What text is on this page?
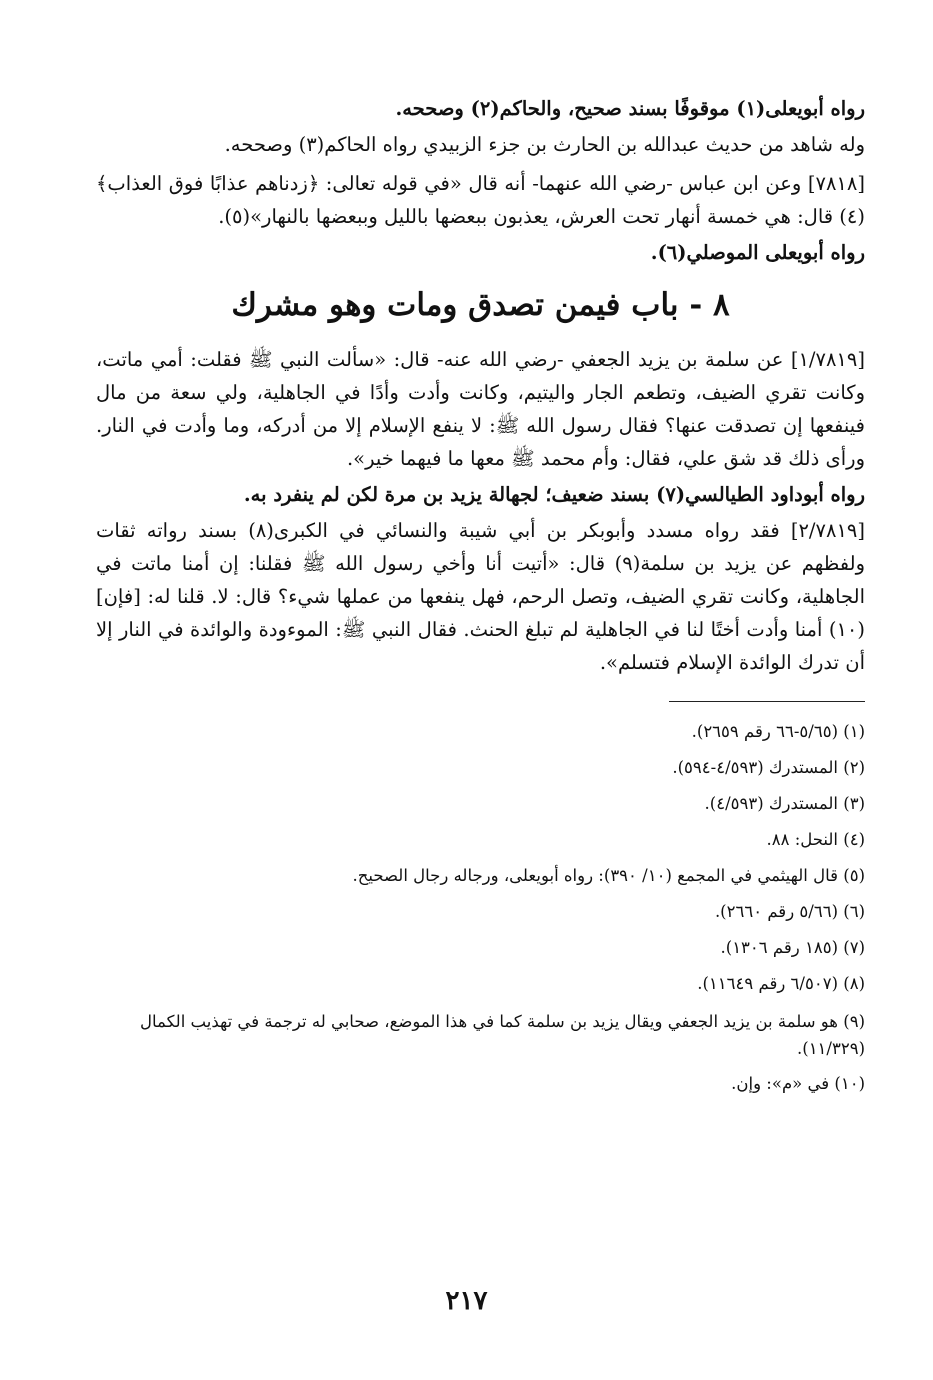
رواه أبويعلى(١) موقوفًا بسند صحيح، والحاكم(٢) وصححه.

وله شاهد من حديث عبدالله بن الحارث بن جزء الزبيدي رواه الحاكم(٣) وصححه.

[٧٨١٨] وعن ابن عباس -رضي الله عنهما- أنه قال «في قوله تعالى: ﴿زدناهم عذابًا فوق العذاب﴾(٤) قال: هي خمسة أنهار تحت العرش، يعذبون ببعضها بالليل وببعضها بالنهار»(٥).

رواه أبويعلى الموصلي(٦).

٨ - باب فيمن تصدق ومات وهو مشرك

[١/٧٨١٩] عن سلمة بن يزيد الجعفي -رضي الله عنه- قال: «سألت النبي ﷺ فقلت: أمي ماتت، وكانت تقري الضيف، وتطعم الجار واليتيم، وكانت وأدت وأدًا في الجاهلية، ولي سعة من مال فينفعها إن تصدقت عنها؟ فقال رسول الله ﷺ: لا ينفع الإسلام إلا من أدركه، وما وأدت في النار. ورأى ذلك قد شق علي، فقال: وأم محمد ﷺ معها ما فيهما خير».

رواه أبوداود الطيالسي(٧) بسند ضعيف؛ لجهالة يزيد بن مرة لكن لم ينفرد به.

[٢/٧٨١٩] فقد رواه مسدد وأبوبكر بن أبي شيبة والنسائي في الكبرى(٨) بسند رواته ثقات ولفظهم عن يزيد بن سلمة(٩) قال: «أتيت أنا وأخي رسول الله ﷺ فقلنا: إن أمنا ماتت في الجاهلية، وكانت تقري الضيف، وتصل الرحم، فهل ينفعها من عملها شيء؟ قال: لا. قلنا له: [فإن](١٠) أمنا وأدت أختًا لنا في الجاهلية لم تبلغ الحنث. فقال النبي ﷺ: الموءودة والوائدة في النار إلا أن تدرك الوائدة الإسلام فتسلم».

(١) (٥/٦٥-٦٦ رقم ٢٦٥٩).

(٢) المستدرك (٤/٥٩٣-٥٩٤).

(٣) المستدرك (٤/٥٩٣).

(٤) النحل: ٨٨.

(٥) قال الهيثمي في المجمع (١٠/ ٣٩٠): رواه أبويعلى، ورجاله رجال الصحيح.

(٦) (٥/٦٦ رقم ٢٦٦٠).

(٧) (١٨٥ رقم ١٣٠٦).

(٨) (٦/٥٠٧ رقم ١١٦٤٩).

(٩) هو سلمة بن يزيد الجعفي ويقال يزيد بن سلمة كما في هذا الموضع، صحابي له ترجمة في تهذيب الكمال (١١/٣٢٩).

(١٠) في «م»: وإن.

٢١٧
